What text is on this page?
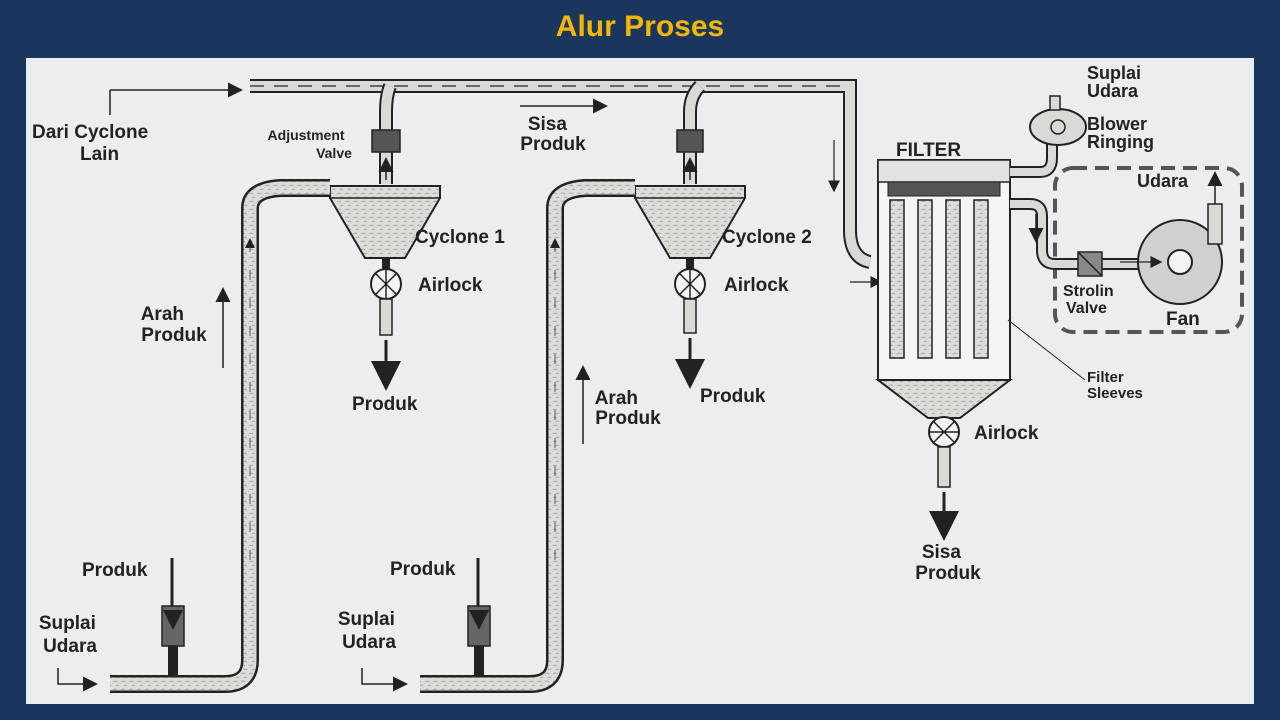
Alur Proses
Dari Cyclone Lain
Adjustment Valve
Sisa Produk
Cyclone 1	Cyclone 2
Airlock	Airlock
Airlock
Produk	Produk
Arah Produk
Arah Produk
Produk	Produk
Suplai Udara
Suplai Udara
FILTER
Suplai Udara
Blower Ringing
Udara
Strolin Valve
Fan
Filter Sleeves
Sisa Produk
